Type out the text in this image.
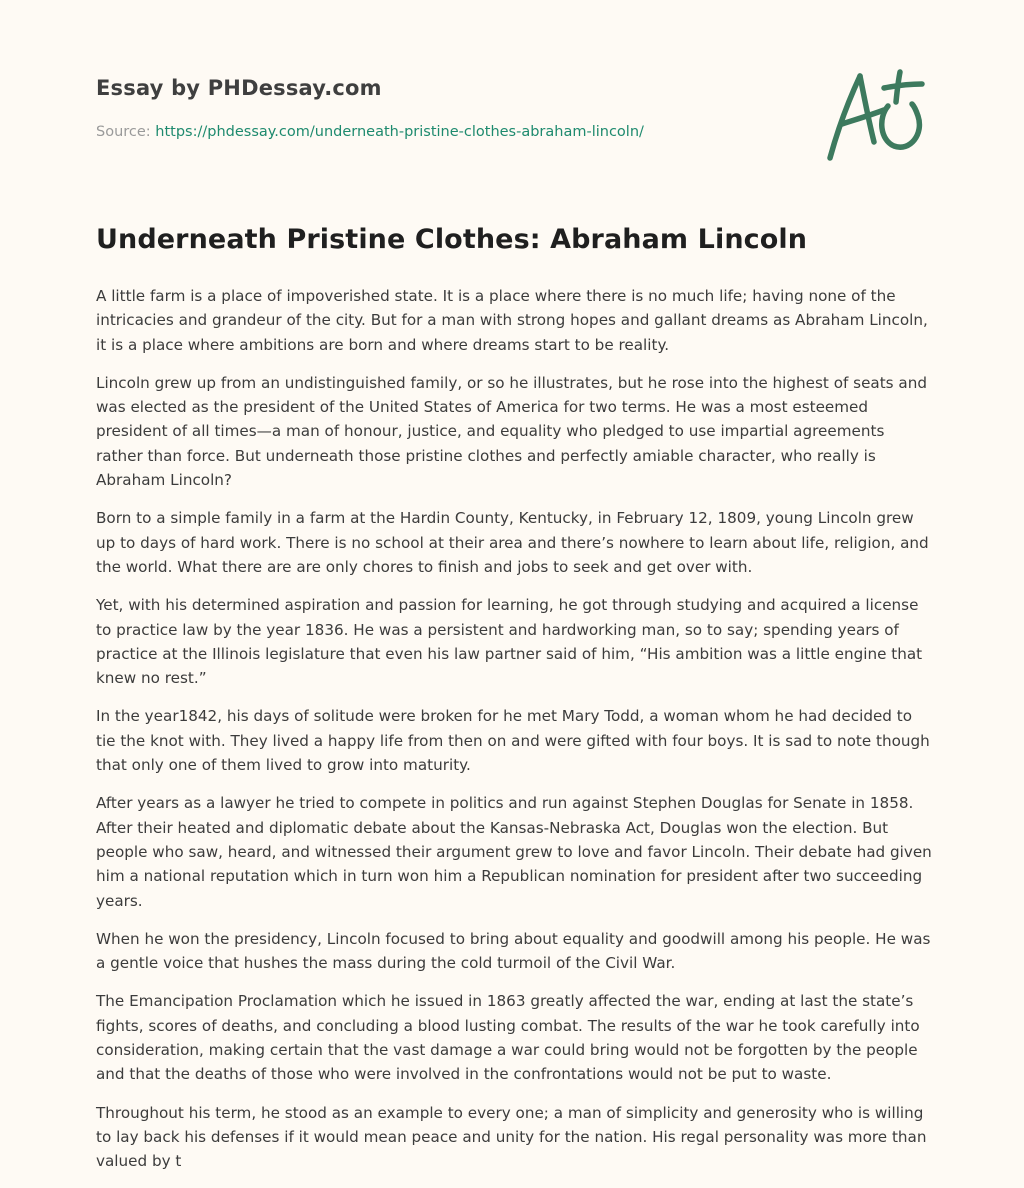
Essay by PHDessay.com
Source: https://phdessay.com/underneath-pristine-clothes-abraham-lincoln/
Underneath Pristine Clothes: Abraham Lincoln

A little farm is a place of impoverished state. It is a place where there is no much life; having none of the intricacies and grandeur of the city. But for a man with strong hopes and gallant dreams as Abraham Lincoln, it is a place where ambitions are born and where dreams start to be reality.

Lincoln grew up from an undistinguished family, or so he illustrates, but he rose into the highest of seats and was elected as the president of the United States of America for two terms. He was a most esteemed president of all times—a man of honour, justice, and equality who pledged to use impartial agreements rather than force. But underneath those pristine clothes and perfectly amiable character, who really is Abraham Lincoln?

Born to a simple family in a farm at the Hardin County, Kentucky, in February 12, 1809, young Lincoln grew up to days of hard work. There is no school at their area and there’s nowhere to learn about life, religion, and the world. What there are are only chores to finish and jobs to seek and get over with.

Yet, with his determined aspiration and passion for learning, he got through studying and acquired a license to practice law by the year 1836. He was a persistent and hardworking man, so to say; spending years of practice at the Illinois legislature that even his law partner said of him, “His ambition was a little engine that knew no rest.”

In the year1842, his days of solitude were broken for he met Mary Todd, a woman whom he had decided to tie the knot with. They lived a happy life from then on and were gifted with four boys. It is sad to note though that only one of them lived to grow into maturity.

After years as a lawyer he tried to compete in politics and run against Stephen Douglas for Senate in 1858. After their heated and diplomatic debate about the Kansas-Nebraska Act, Douglas won the election. But people who saw, heard, and witnessed their argument grew to love and favor Lincoln. Their debate had given him a national reputation which in turn won him a Republican nomination for president after two succeeding years.

When he won the presidency, Lincoln focused to bring about equality and goodwill among his people. He was a gentle voice that hushes the mass during the cold turmoil of the Civil War.

The Emancipation Proclamation which he issued in 1863 greatly affected the war, ending at last the state’s fights, scores of deaths, and concluding a blood lusting combat. The results of the war he took carefully into consideration, making certain that the vast damage a war could bring would not be forgotten by the people and that the deaths of those who were involved in the confrontations would not be put to waste.

Throughout his term, he stood as an example to every one; a man of simplicity and generosity who is willing to lay back his defenses if it would mean peace and unity for the nation. His regal personality was more than valued by t
